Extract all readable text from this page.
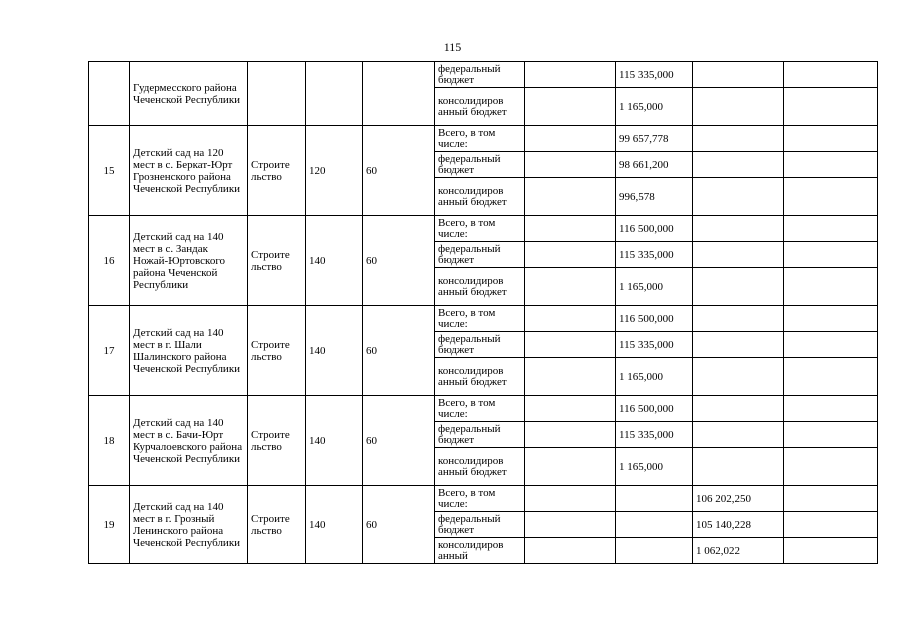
115
	Гудермесского района Чеченской Республики				федеральный бюджет		115 335,000		
					консолидиров анный бюджет		1 165,000		
15	Детский сад на 120 мест в с. Беркат-Юрт Грозненского района Чеченской Республики	Строите льство	120	60	Всего, в том числе:		99 657,778		
					федеральный бюджет		98 661,200		
					консолидиров анный бюджет		996,578		
16	Детский сад на 140 мест в с. Зандак Ножай-Юртовского района Чеченской Республики	Строите льство	140	60	Всего, в том числе:		116 500,000		
					федеральный бюджет		115 335,000		
					консолидиров анный бюджет		1 165,000		
17	Детский сад на 140 мест в г. Шали Шалинского района Чеченской Республики	Строите льство	140	60	Всего, в том числе:		116 500,000		
					федеральный бюджет		115 335,000		
					консолидиров анный бюджет		1 165,000		
18	Детский сад на 140 мест в с. Бачи-Юрт Курчалоевского района Чеченской Республики	Строите льство	140	60	Всего, в том числе:		116 500,000		
					федеральный бюджет		115 335,000		
					консолидиров анный бюджет		1 165,000		
19	Детский сад на 140 мест в г. Грозный Ленинского района Чеченской Республики	Строите льство	140	60	Всего, в том числе:			106 202,250	
					федеральный бюджет			105 140,228	
					консолидиров анный			1 062,022	
